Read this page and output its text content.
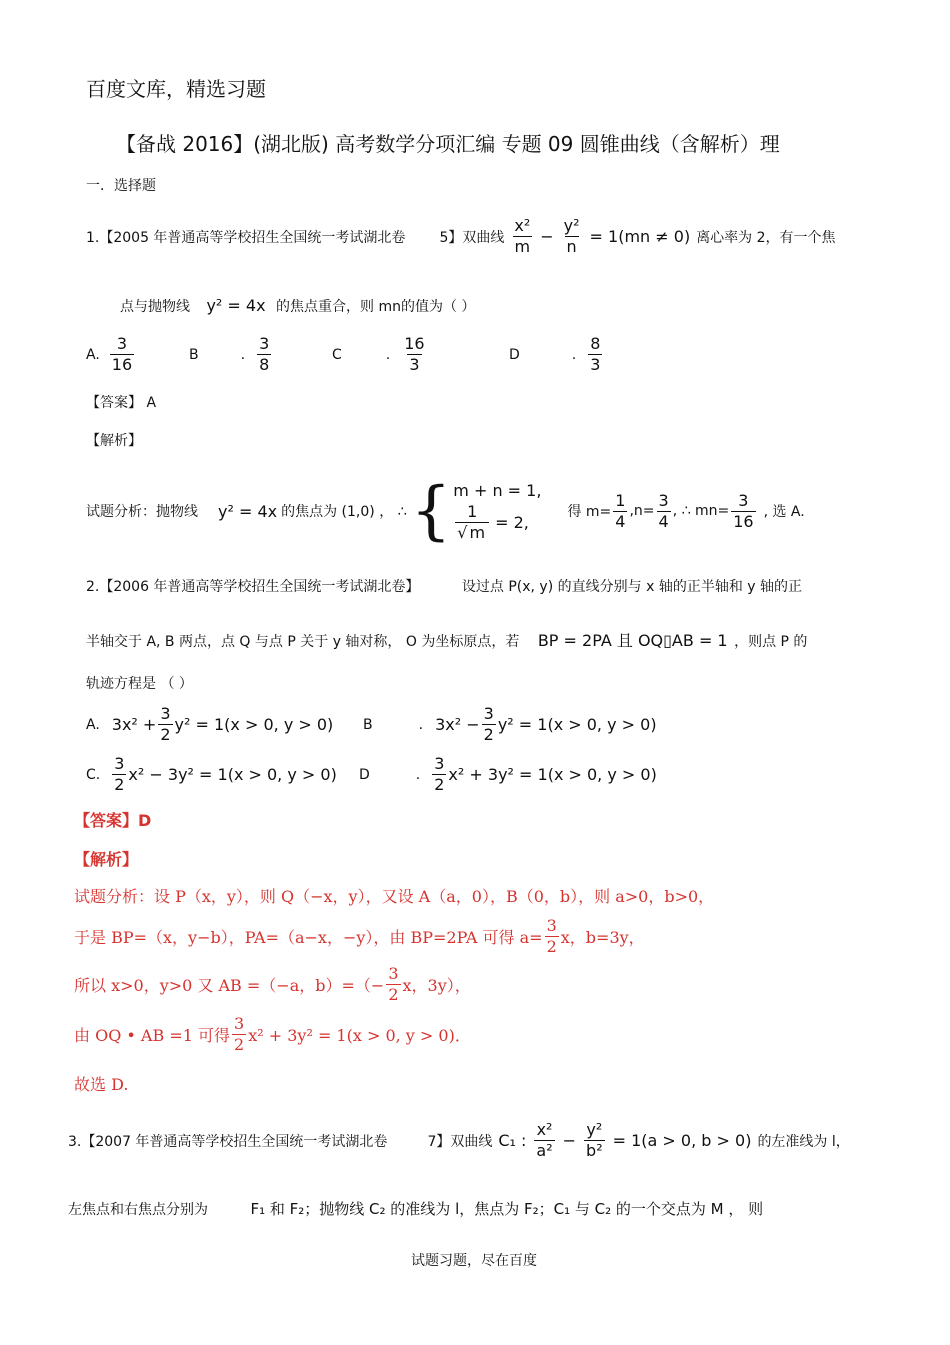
百度文库，精选习题
【备战 2016】(湖北版) 高考数学分项汇编 专题 09 圆锥曲线（含解析）理
一．选择题
1.【2005 年普通高等学校招生全国统一考试湖北卷 5】双曲线 $\frac{\text{x²}}{m} - \frac{\text{y²}}{n} = 1(mn \ne 0)$ 离心率为 2，有一个焦
点与抛物线 y² = 4x 的焦点重合，则 mn的值为（ ）
A. $\frac{3}{16}$	B	. $\frac{3}{8}$	C	. $\frac{16}{3}$	D	. $\frac{8}{3}$
【答案】 A
【解析】
试题分析：抛物线 y² = 4x 的焦点为 (1,0) ， ∴ { m + n = 1,
$\frac{1}{√ m} = 2$,
得 $m= \frac{1}{4} ,n= \frac{3}{4}$ , ∴ $mn= \frac{3}{16}$ , 选 A.
2.【2006 年普通高等学校招生全国统一考试湖北卷】	设过点 P(x, y) 的直线分别与 x 轴的正半轴和 y 轴的正
半轴交于 A, B 两点，点 Q 与点 P 关于 y 轴对称， O 为坐标原点，若 BP = 2PA 且 OQ▯AB = 1 ，则点 P 的
轨迹方程是 （ ）
A. $3x^2 + \frac{3}{2} y^2 = 1(x > 0$, y > 0) B	. $3x^2 - \frac{3}{2} y^2 = 1(x > 0$, y > 0)
C. $\frac{3}{2} x^2 - 3y^2 = 1(x > 0$, y > 0) D	. $\frac{3}{2} x^2 + 3y^2 = 1(x > 0$, y > 0)
【答案】D
【解析】
试题分析：设 P（x，y），则 Q（−x，y），又设 A（a，0），B（0，b），则 a>0，b>0，
于是 BP=（x，y−b），PA=（a−x，−y），由 BP=2PA 可得 $a= \frac{3}{2}$ x，b=3y，
所以 x>0，y>0 又 AB =（−a，$b)=(- \frac{3}{2}$ x，3y），
由 OQ • AB =1 可得 $\frac{3}{2} x^2 + 3y^2 = 1(x > 0$, y > 0)．
故选 D.
3.【2007 年普通高等学校招生全国统一考试湖北卷	7】双曲线 C₁ : $\frac{\text{x²}}{\text{a²}} - \frac{\text{y²}}{\text{b²}} = 1(a > 0$, b > 0) 的左准线为 l，
左焦点和右焦点分别为	F₁ 和 F₂；抛物线 C₂ 的准线为 l，焦点为 F₂；C₁ 与 C₂ 的一个交点为 M ， 则
试题习题，尽在百度
